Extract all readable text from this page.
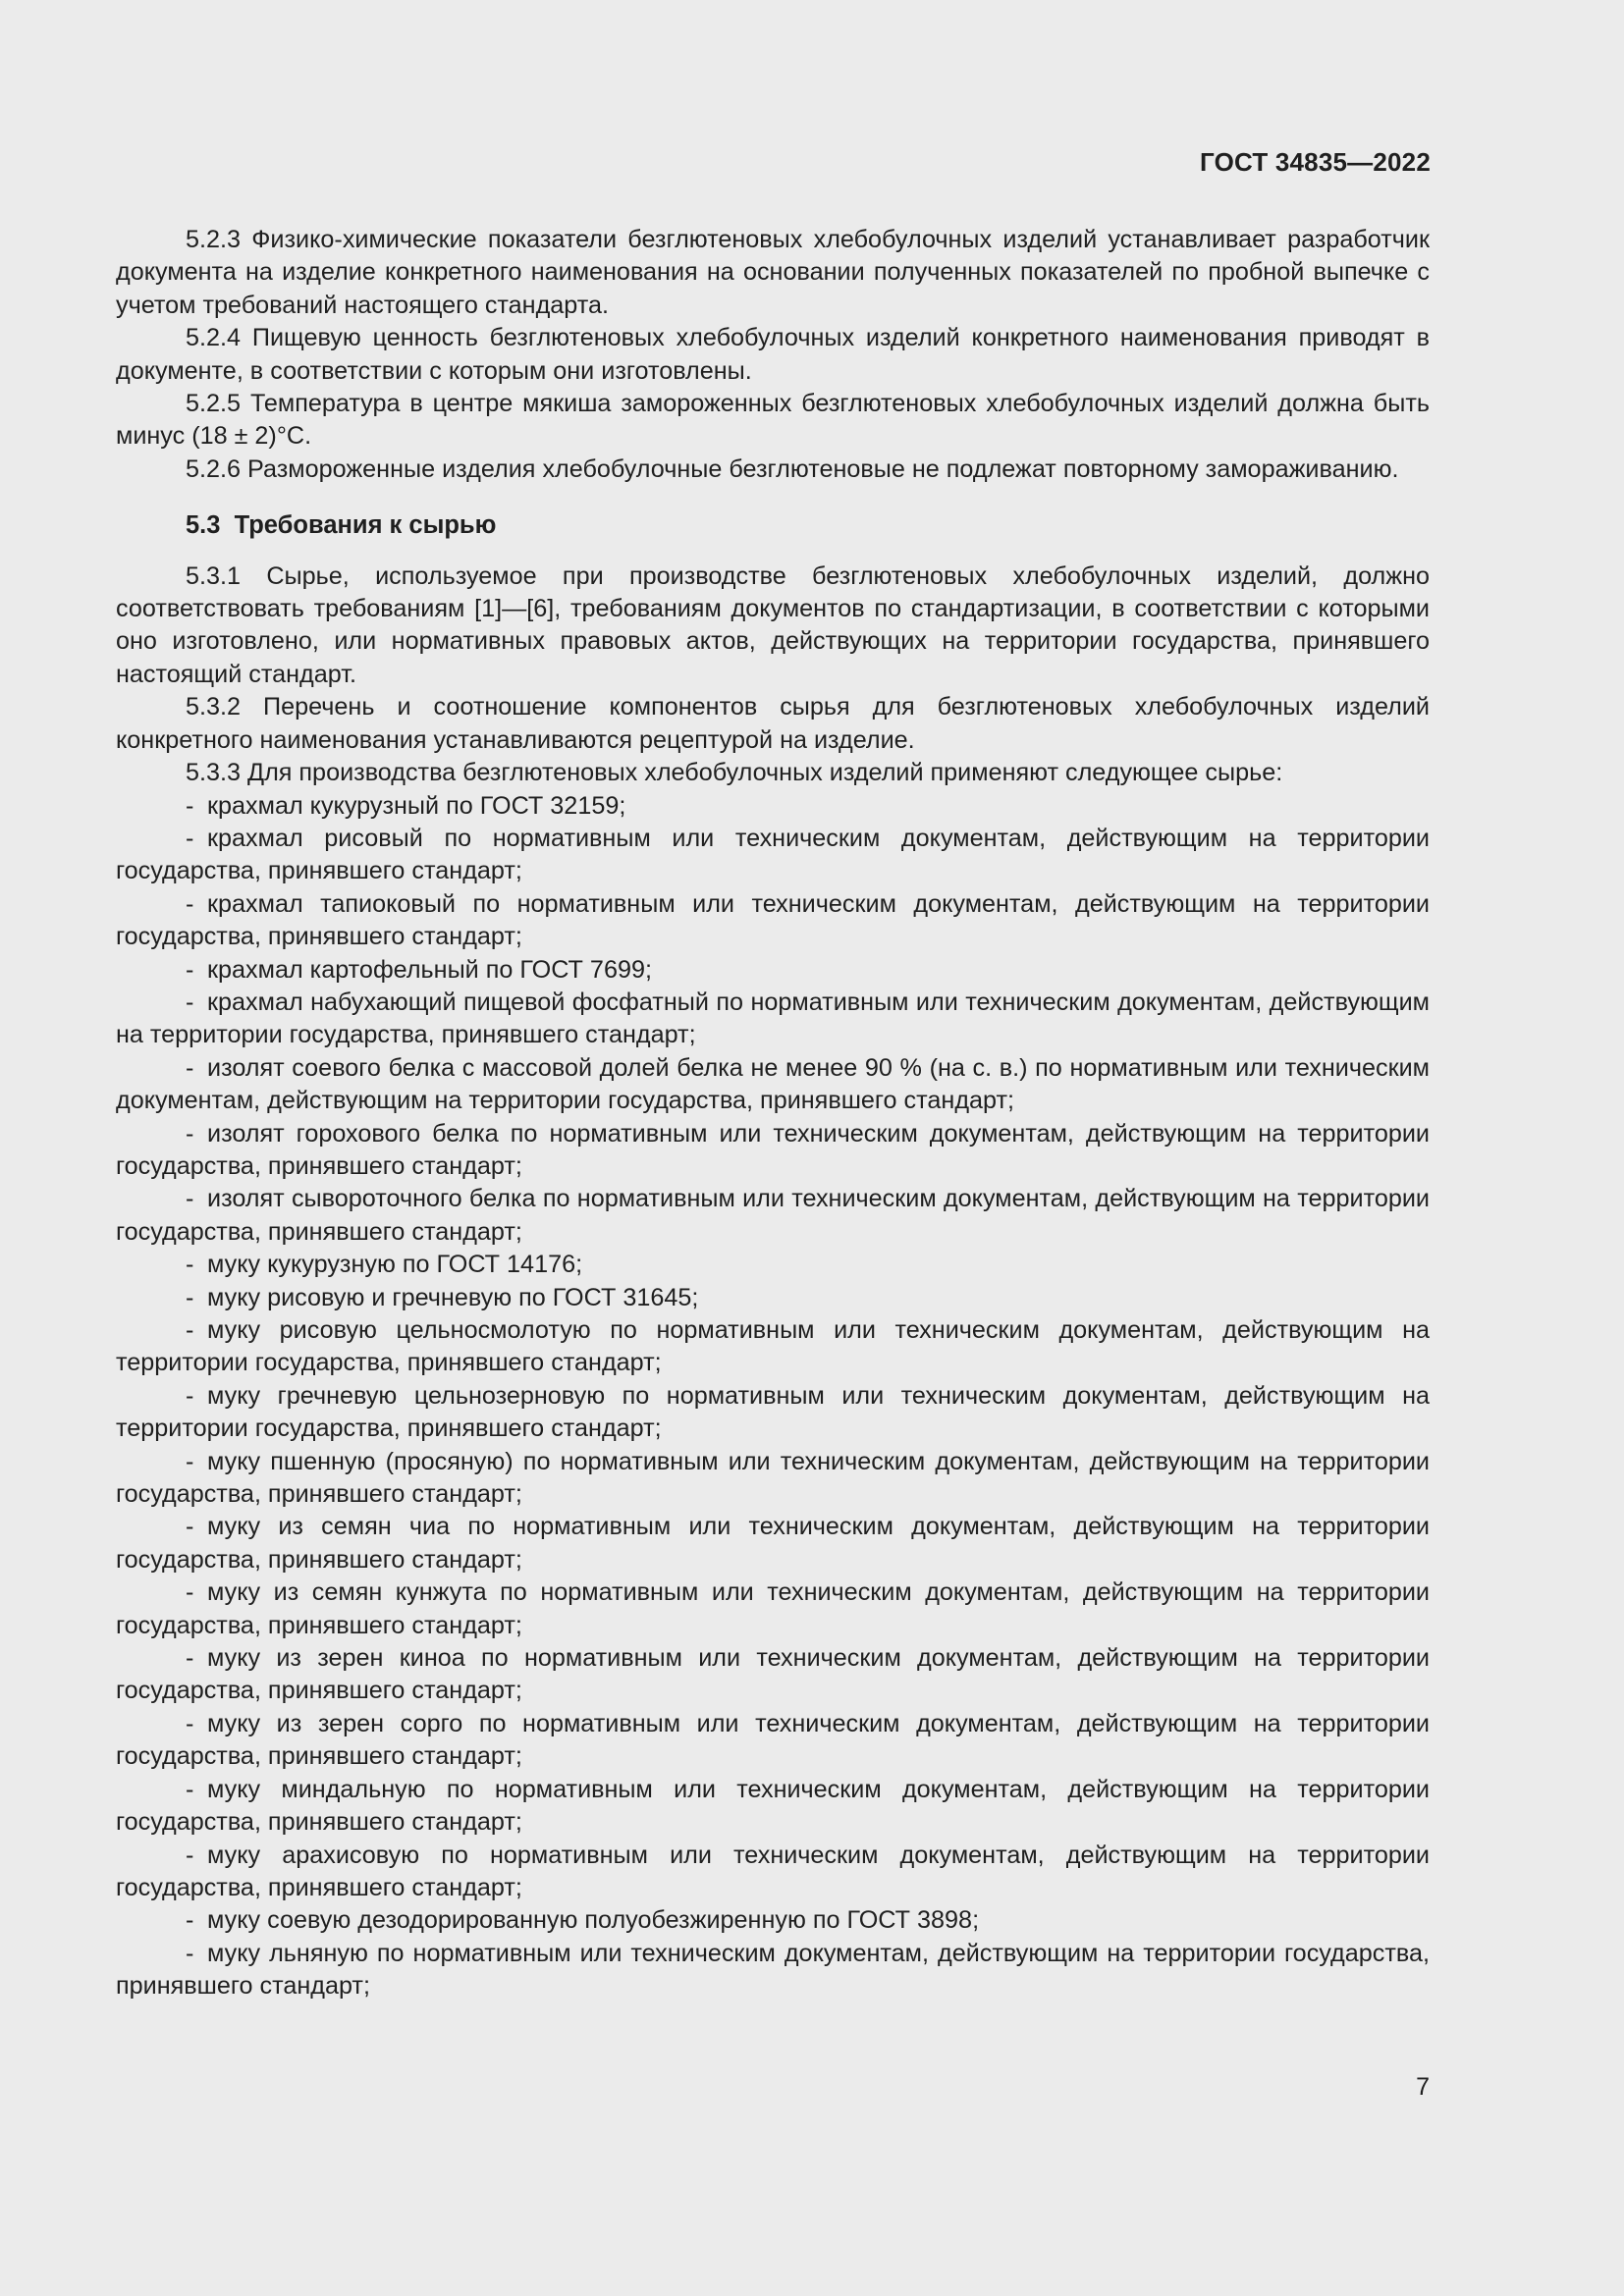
ГОСТ 34835—2022

5.2.3 Физико-химические показатели безглютеновых хлебобулочных изделий устанавливает разработчик документа на изделие конкретного наименования на основании полученных показателей по пробной выпечке с учетом требований настоящего стандарта.

5.2.4 Пищевую ценность безглютеновых хлебобулочных изделий конкретного наименования приводят в документе, в соответствии с которым они изготовлены.

5.2.5 Температура в центре мякиша замороженных безглютеновых хлебобулочных изделий должна быть минус (18 ± 2)°С.

5.2.6 Размороженные изделия хлебобулочные безглютеновые не подлежат повторному замораживанию.

5.3 Требования к сырью

5.3.1 Сырье, используемое при производстве безглютеновых хлебобулочных изделий, должно соответствовать требованиям [1]—[6], требованиям документов по стандартизации, в соответствии с которыми оно изготовлено, или нормативных правовых актов, действующих на территории государства, принявшего настоящий стандарт.

5.3.2 Перечень и соотношение компонентов сырья для безглютеновых хлебобулочных изделий конкретного наименования устанавливаются рецептурой на изделие.

5.3.3 Для производства безглютеновых хлебобулочных изделий применяют следующее сырье:

- крахмал кукурузный по ГОСТ 32159;

- крахмал рисовый по нормативным или техническим документам, действующим на территории государства, принявшего стандарт;

- крахмал тапиоковый по нормативным или техническим документам, действующим на территории государства, принявшего стандарт;

- крахмал картофельный по ГОСТ 7699;

- крахмал набухающий пищевой фосфатный по нормативным или техническим документам, действующим на территории государства, принявшего стандарт;

- изолят соевого белка с массовой долей белка не менее 90 % (на с. в.) по нормативным или техническим документам, действующим на территории государства, принявшего стандарт;

- изолят горохового белка по нормативным или техническим документам, действующим на территории государства, принявшего стандарт;

- изолят сывороточного белка по нормативным или техническим документам, действующим на территории государства, принявшего стандарт;

- муку кукурузную по ГОСТ 14176;

- муку рисовую и гречневую по ГОСТ 31645;

- муку рисовую цельносмолотую по нормативным или техническим документам, действующим на территории государства, принявшего стандарт;

- муку гречневую цельнозерновую по нормативным или техническим документам, действующим на территории государства, принявшего стандарт;

- муку пшенную (просяную) по нормативным или техническим документам, действующим на территории государства, принявшего стандарт;

- муку из семян чиа по нормативным или техническим документам, действующим на территории государства, принявшего стандарт;

- муку из семян кунжута по нормативным или техническим документам, действующим на территории государства, принявшего стандарт;

- муку из зерен киноа по нормативным или техническим документам, действующим на территории государства, принявшего стандарт;

- муку из зерен сорго по нормативным или техническим документам, действующим на территории государства, принявшего стандарт;

- муку миндальную по нормативным или техническим документам, действующим на территории государства, принявшего стандарт;

- муку арахисовую по нормативным или техническим документам, действующим на территории государства, принявшего стандарт;

- муку соевую дезодорированную полуобезжиренную по ГОСТ 3898;

- муку льняную по нормативным или техническим документам, действующим на территории государства, принявшего стандарт;

7
